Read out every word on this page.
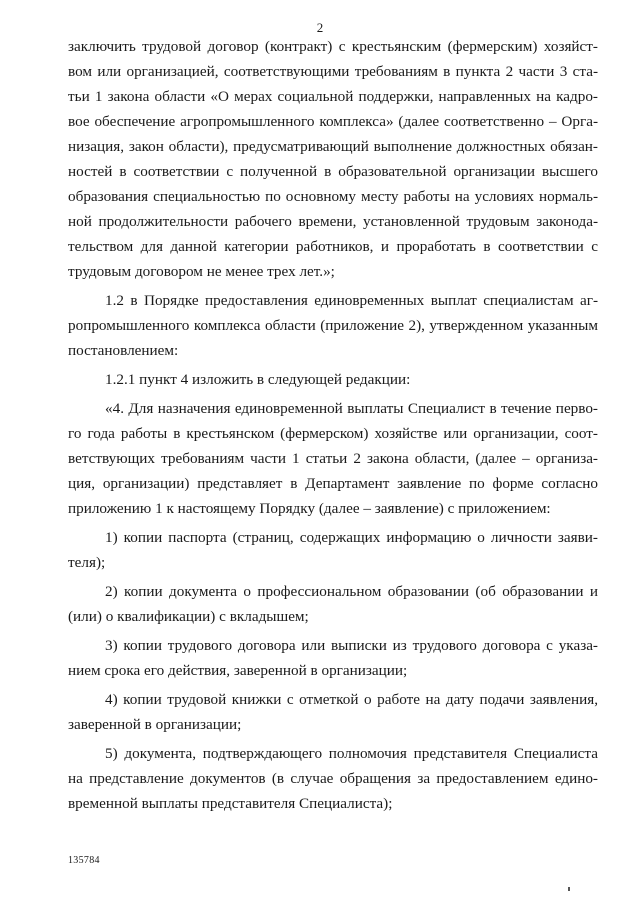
2
заключить трудовой договор (контракт) с крестьянским (фермерским) хозяйст-
вом или организацией, соответствующими требованиям в пункта 2 части 3 ста-
тьи 1 закона области «О мерах социальной поддержки, направленных на кадро-
вое обеспечение агропромышленного комплекса» (далее соответственно – Орга-
низация, закон области), предусматривающий выполнение должностных обязан-
ностей в соответствии с полученной в образовательной организации высшего
образования специальностью по основному месту работы на условиях нормаль-
ной продолжительности рабочего времени, установленной трудовым законода-
тельством для данной категории работников, и проработать в соответствии с
трудовым договором не менее трех лет.»;
1.2 в Порядке предоставления единовременных выплат специалистам аг-
ропромышленного комплекса области (приложение 2), утвержденном указанным
постановлением:
1.2.1 пункт 4 изложить в следующей редакции:
«4. Для назначения единовременной выплаты Специалист в течение перво-
го года работы в крестьянском (фермерском) хозяйстве или организации, соот-
ветствующих требованиям части 1 статьи 2 закона области, (далее – организа-
ция, организации) представляет в Департамент заявление по форме согласно
приложению 1 к настоящему Порядку (далее – заявление) с приложением:
1) копии паспорта (страниц, содержащих информацию о личности заяви-
теля);
2) копии документа о профессиональном образовании (об образовании и
(или) о квалификации) с вкладышем;
3) копии трудового договора или выписки из трудового договора с указа-
нием срока его действия, заверенной в организации;
4) копии трудовой книжки с отметкой о работе на дату подачи заявления,
заверенной в организации;
5) документа, подтверждающего полномочия представителя Специалиста
на представление документов (в случае обращения за предоставлением едино-
временной выплаты представителя Специалиста);
135784
